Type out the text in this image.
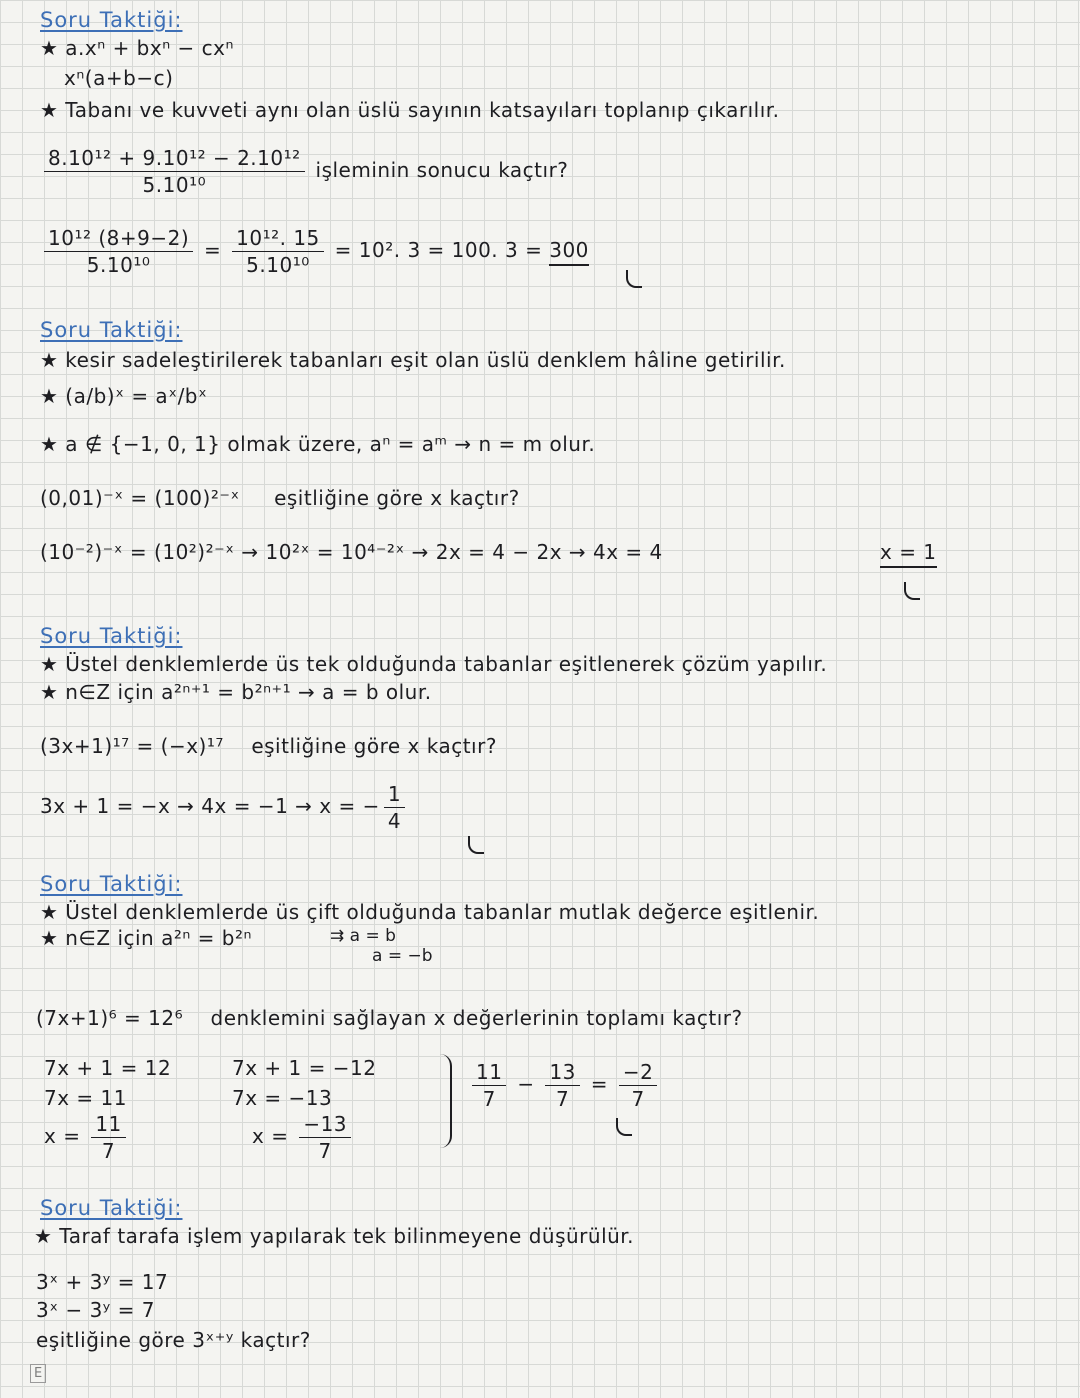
Soru Taktiği:
★ a.xⁿ + bxⁿ − cxⁿ
xⁿ(a+b−c)
★ Tabanı ve kuvveti aynı olan üslü sayının katsayıları toplanıp çıkarılır.
$\frac{\text{8.10¹² + 9.10¹² − 2.10¹²}}{\text{5.10¹⁰}}$ işleminin sonucu kaçtır?
$\frac{\text{10¹² (8+9−2)}}{\text{5.10¹⁰}} = \frac{\text{10¹². 15}}{\text{5.10¹⁰}} = 10^2$. 3 = 100. 3 = 300
Soru Taktiği:
★ kesir sadeleştirilerek tabanları eşit olan üslü denklem hâline getirilir.
★ (a/b)ˣ = aˣ/bˣ
★ a ∉ {−1, 0, 1} olmak üzere, aⁿ = aᵐ → n = m olur.
(0,01)⁻ˣ = (100)²⁻ˣ eşitliğine göre x kaçtır?
(10⁻²)⁻ˣ = (10²)²⁻ˣ → 10²ˣ = 10⁴⁻²ˣ → 2x = 4 − 2x → 4x = 4	x = 1
Soru Taktiği:
★ Üstel denklemlerde üs tek olduğunda tabanlar eşitlenerek çözüm yapılır.
★ n∈Z için a²ⁿ⁺¹ = b²ⁿ⁺¹ → a = b olur.
(3x+1)¹⁷ = (−x)¹⁷ eşitliğine göre x kaçtır?
3x + 1 = −x → 4x = −1 → x = − $\frac{1}{4}$
Soru Taktiği:
★ Üstel denklemlerde üs çift olduğunda tabanlar mutlak değerce eşitlenir.
★ n∈Z için a²ⁿ = b²ⁿ	⇉ a = b
a = −b
(7x+1)⁶ = 12⁶ denklemini sağlayan x değerlerinin toplamı kaçtır?
7x + 1 = 12
7x = 11
$x = \frac{11}{7}$
7x + 1 = −12
7x = −13
$x = \frac{-13}{7}$
$\frac{11}{7} - \frac{13}{7} = \frac{-2}{7}$
Soru Taktiği:
★ Taraf tarafa işlem yapılarak tek bilinmeyene düşürülür.
3ˣ + 3ʸ = 17
3ˣ − 3ʸ = 7
eşitliğine göre 3ˣ⁺ʸ kaçtır?
E
